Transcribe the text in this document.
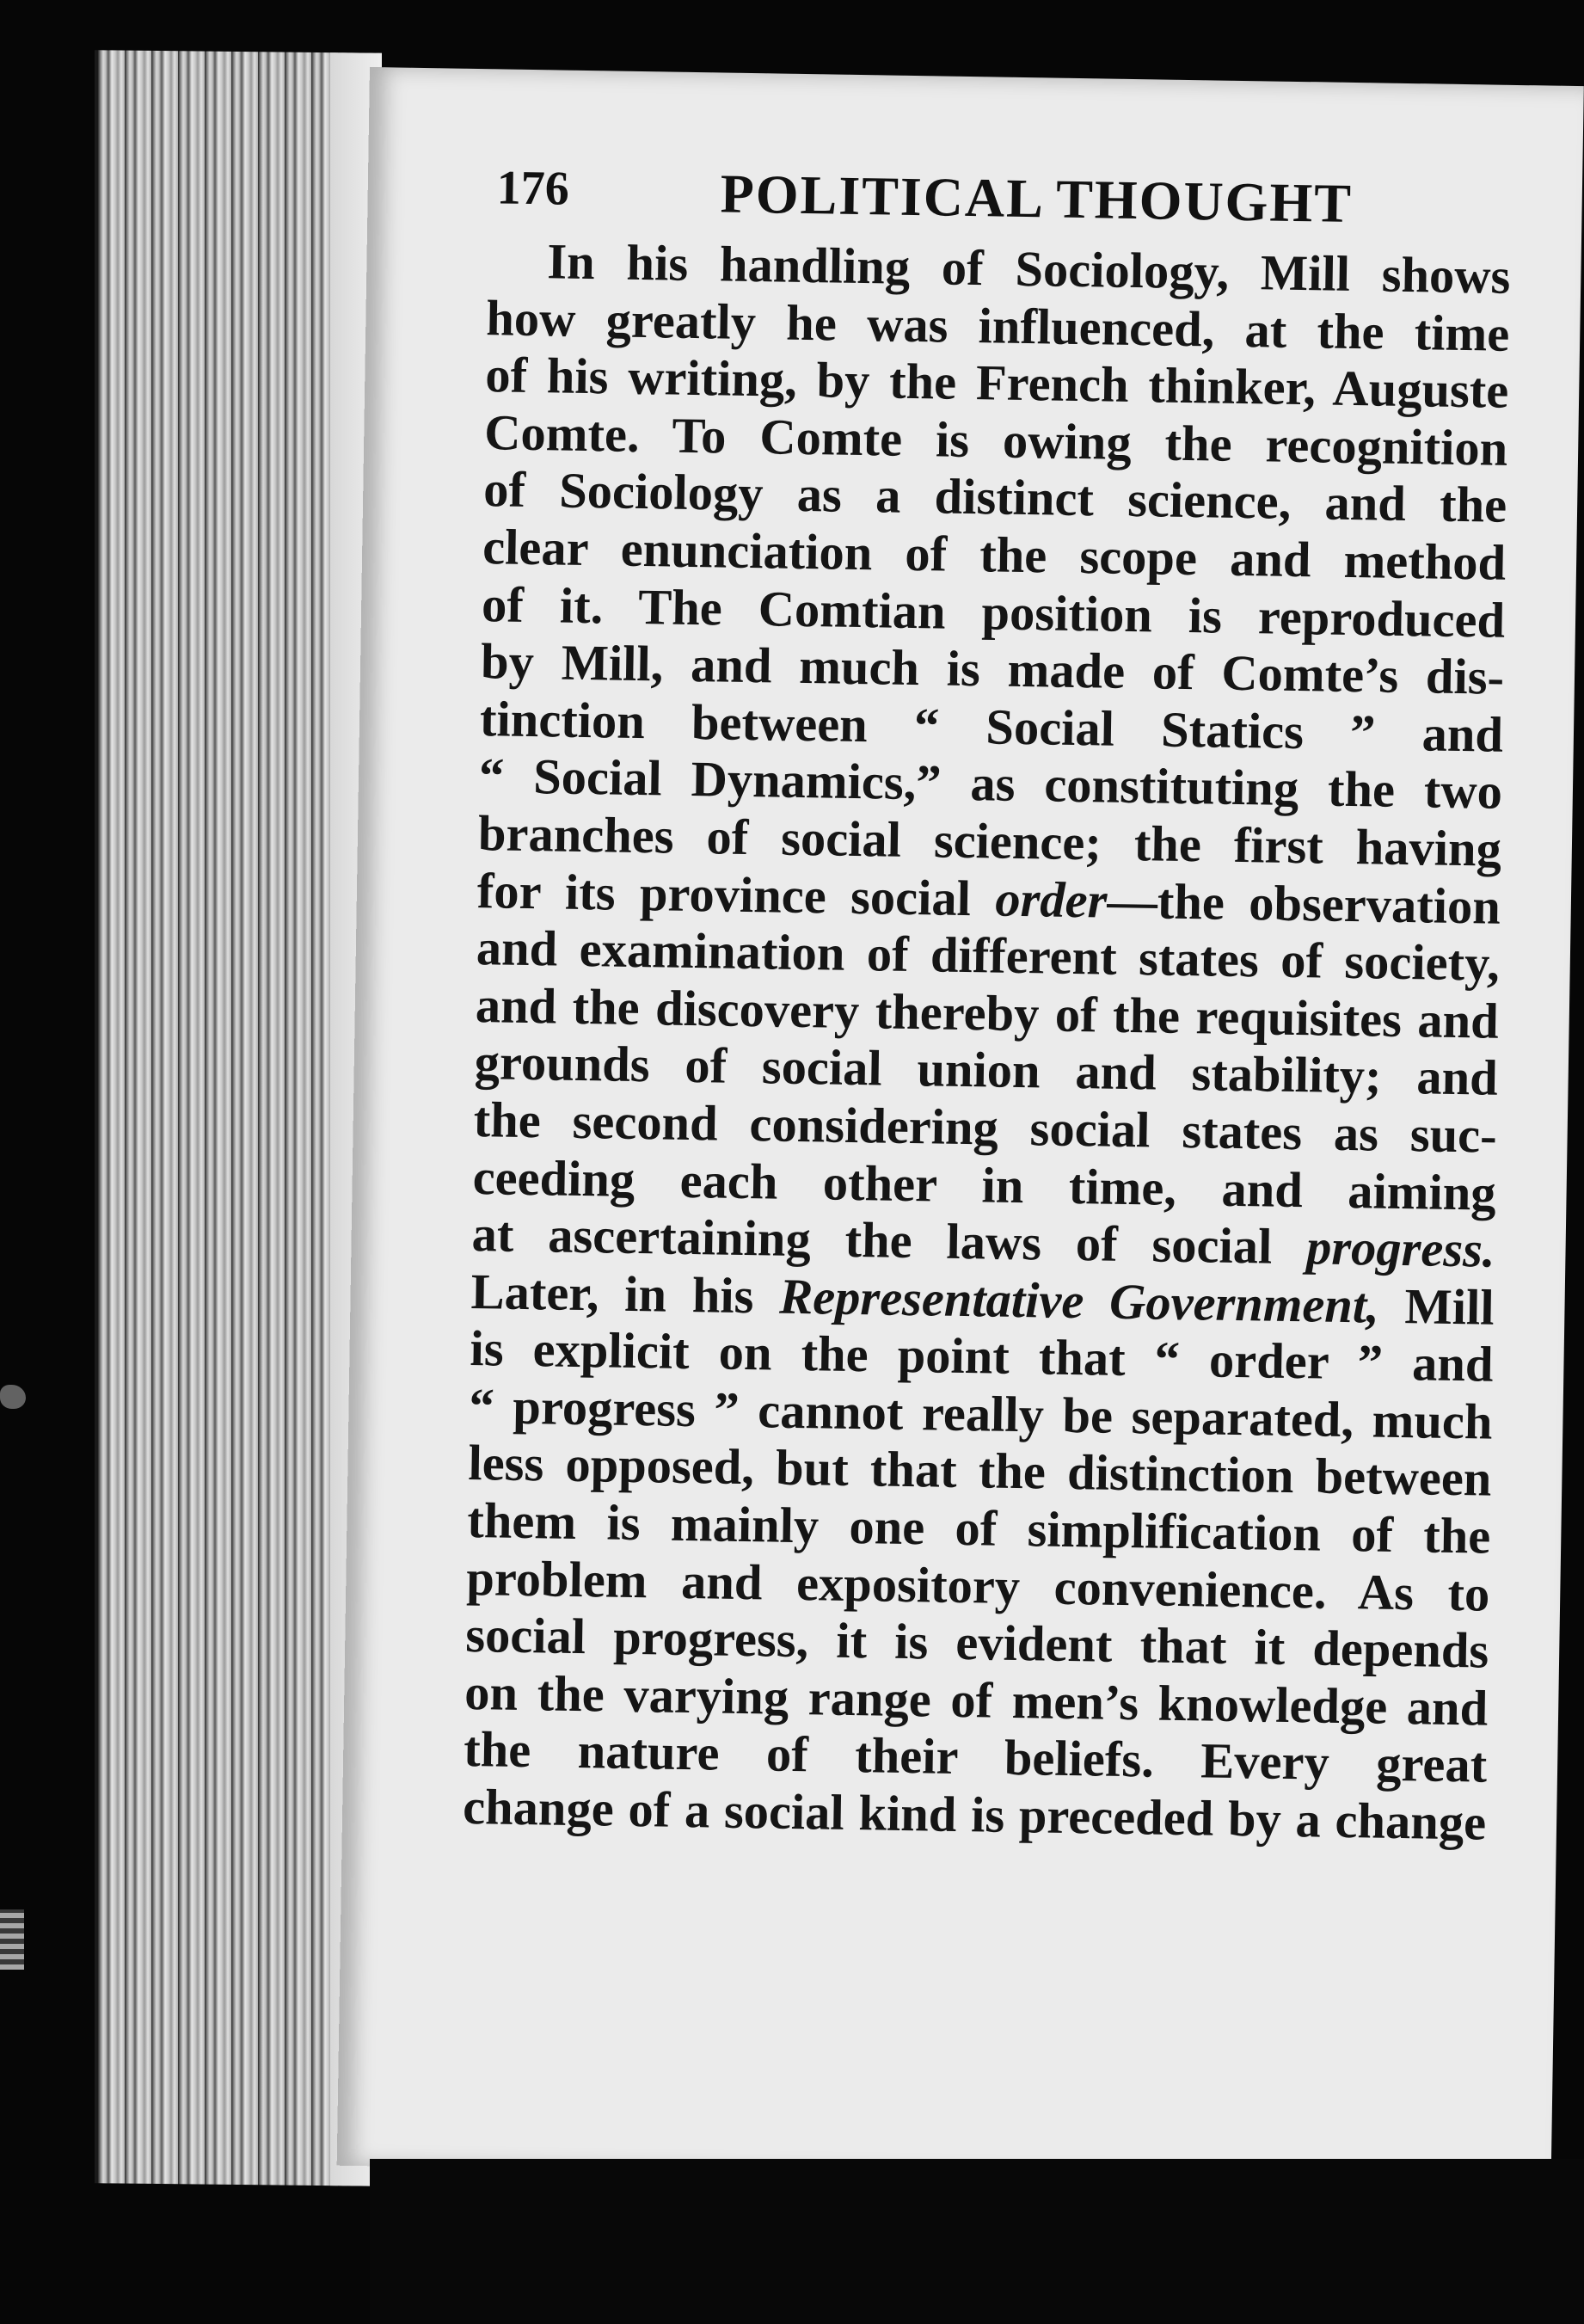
176	POLITICAL THOUGHT
In his handling of Sociology, Mill shows
how greatly he was influenced, at the time
of his writing, by the French thinker, Auguste
Comte. To Comte is owing the recognition
of Sociology as a distinct science, and the
clear enunciation of the scope and method
of it. The Comtian position is reproduced
by Mill, and much is made of Comte’s dis-
tinction between “ Social Statics ” and
“ Social Dynamics,” as constituting the two
branches of social science; the first having
for its province social order—the observation
and examination of different states of society,
and the discovery thereby of the requisites and
grounds of social union and stability; and
the second considering social states as suc-
ceeding each other in time, and aiming
at ascertaining the laws of social progress.
Later, in his Representative Government, Mill
is explicit on the point that “ order ” and
“ progress ” cannot really be separated, much
less opposed, but that the distinction between
them is mainly one of simplification of the
problem and expository convenience. As to
social progress, it is evident that it depends
on the varying range of men’s knowledge and
the nature of their beliefs. Every great
change of a social kind is preceded by a change
